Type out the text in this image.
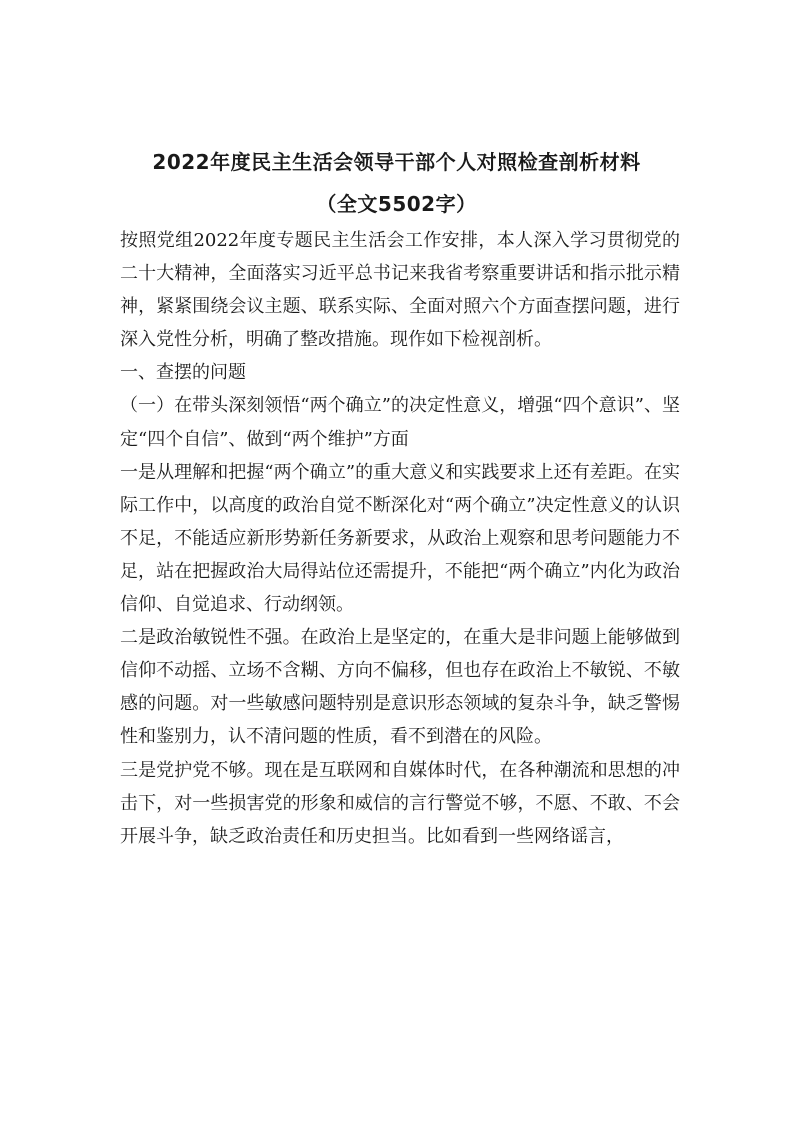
2022年度民主生活会领导干部个人对照检查剖析材料
（全文5502字）

按照党组2022年度专题民主生活会工作安排，本人深入学习贯彻党的二十大精神，全面落实习近平总书记来我省考察重要讲话和指示批示精神，紧紧围绕会议主题、联系实际、全面对照六个方面查摆问题，进行深入党性分析，明确了整改措施。现作如下检视剖析。

一、查摆的问题

（一）在带头深刻领悟“两个确立”的决定性意义，增强“四个意识”、坚定“四个自信”、做到“两个维护”方面

一是从理解和把握“两个确立”的重大意义和实践要求上还有差距。在实际工作中，以高度的政治自觉不断深化对“两个确立”决定性意义的认识不足，不能适应新形势新任务新要求，从政治上观察和思考问题能力不足，站在把握政治大局得站位还需提升，不能把“两个确立”内化为政治信仰、自觉追求、行动纲领。

二是政治敏锐性不强。在政治上是坚定的，在重大是非问题上能够做到信仰不动摇、立场不含糊、方向不偏移，但也存在政治上不敏锐、不敏感的问题。对一些敏感问题特别是意识形态领域的复杂斗争，缺乏警惕性和鉴别力，认不清问题的性质，看不到潜在的风险。

三是党护党不够。现在是互联网和自媒体时代，在各种潮流和思想的冲击下，对一些损害党的形象和威信的言行警觉不够，不愿、不敢、不会开展斗争，缺乏政治责任和历史担当。比如看到一些网络谣言，
